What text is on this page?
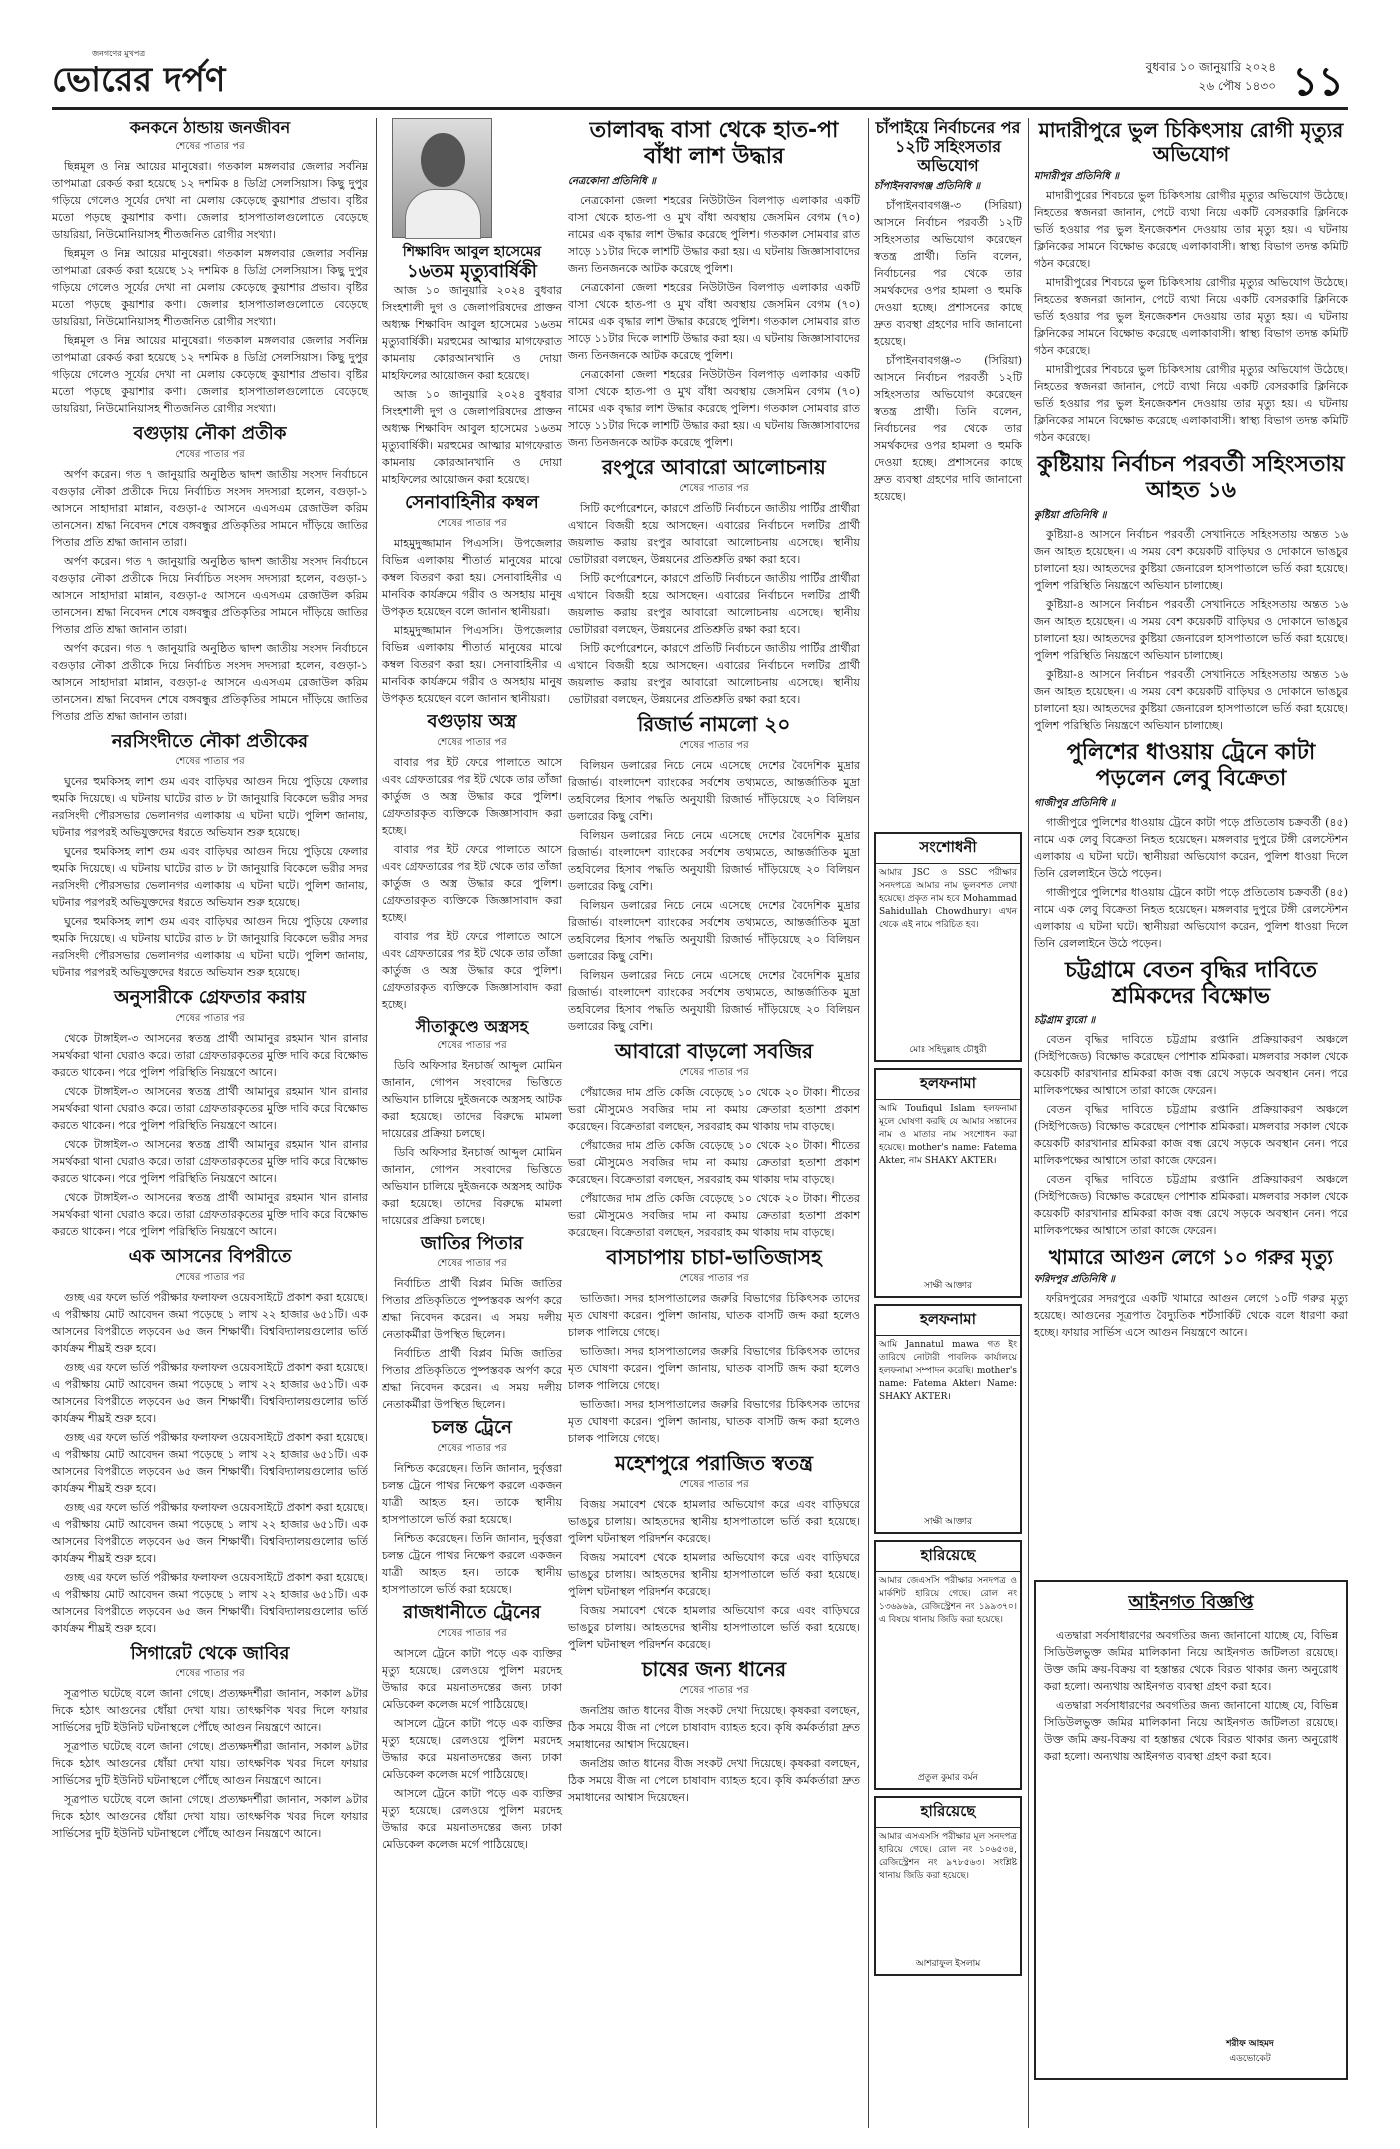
জনগণের মুখপত্র
ভোরের দর্পণ	বুধবার ১০ জানুয়ারি ২০২৪
২৬ পৌষ ১৪৩০ ১১
কনকনে ঠান্ডায় জনজীবন
শেষের পাতার পর

ছিন্নমূল ও নিম্ন আয়ের মানুষেরা। গতকাল মঙ্গলবার জেলার সর্বনিম্ন তাপমাত্রা রেকর্ড করা হয়েছে ১২ দশমিক ৪ ডিগ্রি সেলসিয়াস। কিছু দুপুর গড়িয়ে গেলেও সূর্যের দেখা না মেলায় কেড়েছে কুয়াশার প্রভাব। বৃষ্টির মতো পড়ছে কুয়াশার কণা। জেলার হাসপাতালগুলোতে বেড়েছে ডায়রিয়া, নিউমোনিয়াসহ শীতজনিত রোগীর সংখ্যা।

ছিন্নমূল ও নিম্ন আয়ের মানুষেরা। গতকাল মঙ্গলবার জেলার সর্বনিম্ন তাপমাত্রা রেকর্ড করা হয়েছে ১২ দশমিক ৪ ডিগ্রি সেলসিয়াস। কিছু দুপুর গড়িয়ে গেলেও সূর্যের দেখা না মেলায় কেড়েছে কুয়াশার প্রভাব। বৃষ্টির মতো পড়ছে কুয়াশার কণা। জেলার হাসপাতালগুলোতে বেড়েছে ডায়রিয়া, নিউমোনিয়াসহ শীতজনিত রোগীর সংখ্যা।

ছিন্নমূল ও নিম্ন আয়ের মানুষেরা। গতকাল মঙ্গলবার জেলার সর্বনিম্ন তাপমাত্রা রেকর্ড করা হয়েছে ১২ দশমিক ৪ ডিগ্রি সেলসিয়াস। কিছু দুপুর গড়িয়ে গেলেও সূর্যের দেখা না মেলায় কেড়েছে কুয়াশার প্রভাব। বৃষ্টির মতো পড়ছে কুয়াশার কণা। জেলার হাসপাতালগুলোতে বেড়েছে ডায়রিয়া, নিউমোনিয়াসহ শীতজনিত রোগীর সংখ্যা।

বগুড়ায় নৌকা প্রতীক
শেষের পাতার পর

অর্পণ করেন। গত ৭ জানুয়ারি অনুষ্ঠিত দ্বাদশ জাতীয় সংসদ নির্বাচনে বগুড়ার নৌকা প্রতীকে দিয়ে নির্বাচিত সংসদ সদস্যরা হলেন, বগুড়া-১ আসনে সাহাদারা মান্নান, বগুড়া-৫ আসনে এএসএম রেজাউল করিম তানসেন। শ্রদ্ধা নিবেদন শেষে বঙ্গবন্ধুর প্রতিকৃতির সামনে দাঁড়িয়ে জাতির পিতার প্রতি শ্রদ্ধা জানান তারা।

অর্পণ করেন। গত ৭ জানুয়ারি অনুষ্ঠিত দ্বাদশ জাতীয় সংসদ নির্বাচনে বগুড়ার নৌকা প্রতীকে দিয়ে নির্বাচিত সংসদ সদস্যরা হলেন, বগুড়া-১ আসনে সাহাদারা মান্নান, বগুড়া-৫ আসনে এএসএম রেজাউল করিম তানসেন। শ্রদ্ধা নিবেদন শেষে বঙ্গবন্ধুর প্রতিকৃতির সামনে দাঁড়িয়ে জাতির পিতার প্রতি শ্রদ্ধা জানান তারা।

অর্পণ করেন। গত ৭ জানুয়ারি অনুষ্ঠিত দ্বাদশ জাতীয় সংসদ নির্বাচনে বগুড়ার নৌকা প্রতীকে দিয়ে নির্বাচিত সংসদ সদস্যরা হলেন, বগুড়া-১ আসনে সাহাদারা মান্নান, বগুড়া-৫ আসনে এএসএম রেজাউল করিম তানসেন। শ্রদ্ধা নিবেদন শেষে বঙ্গবন্ধুর প্রতিকৃতির সামনে দাঁড়িয়ে জাতির পিতার প্রতি শ্রদ্ধা জানান তারা।

নরসিংদীতে নৌকা প্রতীকের
শেষের পাতার পর

ঘুনের হুমকিসহ লাশ গুম এবং বাড়িঘর আগুন দিয়ে পুড়িয়ে ফেলার হুমকি দিয়েছে। এ ঘটনায় ঘাটের রাত ৮ টা জানুয়ারি বিকেলে ভরীর সদর নরসিংদী পৌরসভার ভেলানগর এলাকায় এ ঘটনা ঘটে। পুলিশ জানায়, ঘটনার পরপরই অভিযুক্তদের ধরতে অভিযান শুরু হয়েছে।

ঘুনের হুমকিসহ লাশ গুম এবং বাড়িঘর আগুন দিয়ে পুড়িয়ে ফেলার হুমকি দিয়েছে। এ ঘটনায় ঘাটের রাত ৮ টা জানুয়ারি বিকেলে ভরীর সদর নরসিংদী পৌরসভার ভেলানগর এলাকায় এ ঘটনা ঘটে। পুলিশ জানায়, ঘটনার পরপরই অভিযুক্তদের ধরতে অভিযান শুরু হয়েছে।

ঘুনের হুমকিসহ লাশ গুম এবং বাড়িঘর আগুন দিয়ে পুড়িয়ে ফেলার হুমকি দিয়েছে। এ ঘটনায় ঘাটের রাত ৮ টা জানুয়ারি বিকেলে ভরীর সদর নরসিংদী পৌরসভার ভেলানগর এলাকায় এ ঘটনা ঘটে। পুলিশ জানায়, ঘটনার পরপরই অভিযুক্তদের ধরতে অভিযান শুরু হয়েছে।

অনুসারীকে গ্রেফতার করায়
শেষের পাতার পর

থেকে টাঙ্গাইল-৩ আসনের স্বতন্ত্র প্রার্থী আমানুর রহমান খান রানার সমর্থকরা থানা ঘেরাও করে। তারা গ্রেফতারকৃতের মুক্তি দাবি করে বিক্ষোভ করতে থাকেন। পরে পুলিশ পরিস্থিতি নিয়ন্ত্রণে আনে।

থেকে টাঙ্গাইল-৩ আসনের স্বতন্ত্র প্রার্থী আমানুর রহমান খান রানার সমর্থকরা থানা ঘেরাও করে। তারা গ্রেফতারকৃতের মুক্তি দাবি করে বিক্ষোভ করতে থাকেন। পরে পুলিশ পরিস্থিতি নিয়ন্ত্রণে আনে।

থেকে টাঙ্গাইল-৩ আসনের স্বতন্ত্র প্রার্থী আমানুর রহমান খান রানার সমর্থকরা থানা ঘেরাও করে। তারা গ্রেফতারকৃতের মুক্তি দাবি করে বিক্ষোভ করতে থাকেন। পরে পুলিশ পরিস্থিতি নিয়ন্ত্রণে আনে।

থেকে টাঙ্গাইল-৩ আসনের স্বতন্ত্র প্রার্থী আমানুর রহমান খান রানার সমর্থকরা থানা ঘেরাও করে। তারা গ্রেফতারকৃতের মুক্তি দাবি করে বিক্ষোভ করতে থাকেন। পরে পুলিশ পরিস্থিতি নিয়ন্ত্রণে আনে।

এক আসনের বিপরীতে
শেষের পাতার পর

গুচ্ছ এর ফলে ভর্তি পরীক্ষার ফলাফল ওয়েবসাইটে প্রকাশ করা হয়েছে। এ পরীক্ষায় মোট আবেদন জমা পড়েছে ১ লাখ ২২ হাজার ৬৫১টি। এক আসনের বিপরীতে লড়বেন ৬৫ জন শিক্ষার্থী। বিশ্ববিদ্যালয়গুলোর ভর্তি কার্যক্রম শীঘ্রই শুরু হবে।

গুচ্ছ এর ফলে ভর্তি পরীক্ষার ফলাফল ওয়েবসাইটে প্রকাশ করা হয়েছে। এ পরীক্ষায় মোট আবেদন জমা পড়েছে ১ লাখ ২২ হাজার ৬৫১টি। এক আসনের বিপরীতে লড়বেন ৬৫ জন শিক্ষার্থী। বিশ্ববিদ্যালয়গুলোর ভর্তি কার্যক্রম শীঘ্রই শুরু হবে।

গুচ্ছ এর ফলে ভর্তি পরীক্ষার ফলাফল ওয়েবসাইটে প্রকাশ করা হয়েছে। এ পরীক্ষায় মোট আবেদন জমা পড়েছে ১ লাখ ২২ হাজার ৬৫১টি। এক আসনের বিপরীতে লড়বেন ৬৫ জন শিক্ষার্থী। বিশ্ববিদ্যালয়গুলোর ভর্তি কার্যক্রম শীঘ্রই শুরু হবে।

গুচ্ছ এর ফলে ভর্তি পরীক্ষার ফলাফল ওয়েবসাইটে প্রকাশ করা হয়েছে। এ পরীক্ষায় মোট আবেদন জমা পড়েছে ১ লাখ ২২ হাজার ৬৫১টি। এক আসনের বিপরীতে লড়বেন ৬৫ জন শিক্ষার্থী। বিশ্ববিদ্যালয়গুলোর ভর্তি কার্যক্রম শীঘ্রই শুরু হবে।

গুচ্ছ এর ফলে ভর্তি পরীক্ষার ফলাফল ওয়েবসাইটে প্রকাশ করা হয়েছে। এ পরীক্ষায় মোট আবেদন জমা পড়েছে ১ লাখ ২২ হাজার ৬৫১টি। এক আসনের বিপরীতে লড়বেন ৬৫ জন শিক্ষার্থী। বিশ্ববিদ্যালয়গুলোর ভর্তি কার্যক্রম শীঘ্রই শুরু হবে।

সিগারেট থেকে জাবির
শেষের পাতার পর

সূত্রপাত ঘটেছে বলে জানা গেছে। প্রত্যক্ষদর্শীরা জানান, সকাল ৯টার দিকে হঠাৎ আগুনের ধোঁয়া দেখা যায়। তাৎক্ষণিক খবর দিলে ফায়ার সার্ভিসের দুটি ইউনিট ঘটনাস্থলে পৌঁছে আগুন নিয়ন্ত্রণে আনে।

সূত্রপাত ঘটেছে বলে জানা গেছে। প্রত্যক্ষদর্শীরা জানান, সকাল ৯টার দিকে হঠাৎ আগুনের ধোঁয়া দেখা যায়। তাৎক্ষণিক খবর দিলে ফায়ার সার্ভিসের দুটি ইউনিট ঘটনাস্থলে পৌঁছে আগুন নিয়ন্ত্রণে আনে।

সূত্রপাত ঘটেছে বলে জানা গেছে। প্রত্যক্ষদর্শীরা জানান, সকাল ৯টার দিকে হঠাৎ আগুনের ধোঁয়া দেখা যায়। তাৎক্ষণিক খবর দিলে ফায়ার সার্ভিসের দুটি ইউনিট ঘটনাস্থলে পৌঁছে আগুন নিয়ন্ত্রণে আনে।

শিক্ষাবিদ আবুল হাসেমের
১৬তম মৃত্যুবার্ষিকী

আজ ১০ জানুয়ারি ২০২৪ বুধবার সিংহশালী দুগ ও জেলাপরিষদের প্রাক্তন অধ্যক্ষ শিক্ষাবিদ আবুল হাসেমের ১৬তম মৃত্যুবার্ষিকী। মরহুমের আত্মার মাগফেরাত কামনায় কোরআনখানি ও দোয়া মাহফিলের আয়োজন করা হয়েছে।

আজ ১০ জানুয়ারি ২০২৪ বুধবার সিংহশালী দুগ ও জেলাপরিষদের প্রাক্তন অধ্যক্ষ শিক্ষাবিদ আবুল হাসেমের ১৬তম মৃত্যুবার্ষিকী। মরহুমের আত্মার মাগফেরাত কামনায় কোরআনখানি ও দোয়া মাহফিলের আয়োজন করা হয়েছে।

সেনাবাহিনীর কম্বল
শেষের পাতার পর

মাহমুদুজ্জামান পিএসসি। উপজেলার বিভিন্ন এলাকায় শীতার্ত মানুষের মাঝে কম্বল বিতরণ করা হয়। সেনাবাহিনীর এ মানবিক কার্যক্রমে গরীব ও অসহায় মানুষ উপকৃত হয়েছেন বলে জানান স্থানীয়রা।

মাহমুদুজ্জামান পিএসসি। উপজেলার বিভিন্ন এলাকায় শীতার্ত মানুষের মাঝে কম্বল বিতরণ করা হয়। সেনাবাহিনীর এ মানবিক কার্যক্রমে গরীব ও অসহায় মানুষ উপকৃত হয়েছেন বলে জানান স্থানীয়রা।

বগুড়ায় অস্ত্র
শেষের পাতার পর

বাবার পর ইট ফেরে পালাতে আসে এবং গ্রেফতারের পর ইট থেকে তার তাঁজা কার্তুজ ও অস্ত্র উদ্ধার করে পুলিশ। গ্রেফতারকৃত ব্যক্তিকে জিজ্ঞাসাবাদ করা হচ্ছে।

বাবার পর ইট ফেরে পালাতে আসে এবং গ্রেফতারের পর ইট থেকে তার তাঁজা কার্তুজ ও অস্ত্র উদ্ধার করে পুলিশ। গ্রেফতারকৃত ব্যক্তিকে জিজ্ঞাসাবাদ করা হচ্ছে।

বাবার পর ইট ফেরে পালাতে আসে এবং গ্রেফতারের পর ইট থেকে তার তাঁজা কার্তুজ ও অস্ত্র উদ্ধার করে পুলিশ। গ্রেফতারকৃত ব্যক্তিকে জিজ্ঞাসাবাদ করা হচ্ছে।

সীতাকুণ্ডে অস্ত্রসহ
শেষের পাতার পর

ডিবি অফিসার ইনচার্জ আব্দুল মোমিন জানান, গোপন সংবাদের ভিত্তিতে অভিযান চালিয়ে দুইজনকে অস্ত্রসহ আটক করা হয়েছে। তাদের বিরুদ্ধে মামলা দায়েরের প্রক্রিয়া চলছে।

ডিবি অফিসার ইনচার্জ আব্দুল মোমিন জানান, গোপন সংবাদের ভিত্তিতে অভিযান চালিয়ে দুইজনকে অস্ত্রসহ আটক করা হয়েছে। তাদের বিরুদ্ধে মামলা দায়েরের প্রক্রিয়া চলছে।

জাতির পিতার
শেষের পাতার পর

নির্বাচিত প্রার্থী বিপ্লব মিজি জাতির পিতার প্রতিকৃতিতে পুষ্পস্তবক অর্পণ করে শ্রদ্ধা নিবেদন করেন। এ সময় দলীয় নেতাকর্মীরা উপস্থিত ছিলেন।

নির্বাচিত প্রার্থী বিপ্লব মিজি জাতির পিতার প্রতিকৃতিতে পুষ্পস্তবক অর্পণ করে শ্রদ্ধা নিবেদন করেন। এ সময় দলীয় নেতাকর্মীরা উপস্থিত ছিলেন।

চলন্ত ট্রেনে
শেষের পাতার পর

নিশ্চিত করেছেন। তিনি জানান, দুর্বৃত্তরা চলন্ত ট্রেনে পাথর নিক্ষেপ করলে একজন যাত্রী আহত হন। তাকে স্থানীয় হাসপাতালে ভর্তি করা হয়েছে।

নিশ্চিত করেছেন। তিনি জানান, দুর্বৃত্তরা চলন্ত ট্রেনে পাথর নিক্ষেপ করলে একজন যাত্রী আহত হন। তাকে স্থানীয় হাসপাতালে ভর্তি করা হয়েছে।

রাজধানীতে ট্রেনের
শেষের পাতার পর

আসলে ট্রেনে কাটা পড়ে এক ব্যক্তির মৃত্যু হয়েছে। রেলওয়ে পুলিশ মরদেহ উদ্ধার করে ময়নাতদন্তের জন্য ঢাকা মেডিকেল কলেজ মর্গে পাঠিয়েছে।

আসলে ট্রেনে কাটা পড়ে এক ব্যক্তির মৃত্যু হয়েছে। রেলওয়ে পুলিশ মরদেহ উদ্ধার করে ময়নাতদন্তের জন্য ঢাকা মেডিকেল কলেজ মর্গে পাঠিয়েছে।

আসলে ট্রেনে কাটা পড়ে এক ব্যক্তির মৃত্যু হয়েছে। রেলওয়ে পুলিশ মরদেহ উদ্ধার করে ময়নাতদন্তের জন্য ঢাকা মেডিকেল কলেজ মর্গে পাঠিয়েছে।

তালাবদ্ধ বাসা থেকে হাত-পা বাঁধা লাশ উদ্ধার
নেত্রকোনা প্রতিনিধি ॥

নেত্রকোনা জেলা শহরের নিউটাউন বিলপাড় এলাকার একটি বাসা থেকে হাত-পা ও মুখ বাঁধা অবস্থায় জেসমিন বেগম (৭০) নামের এক বৃদ্ধার লাশ উদ্ধার করেছে পুলিশ। গতকাল সোমবার রাত সাড়ে ১১টার দিকে লাশটি উদ্ধার করা হয়। এ ঘটনায় জিজ্ঞাসাবাদের জন্য তিনজনকে আটক করেছে পুলিশ।

নেত্রকোনা জেলা শহরের নিউটাউন বিলপাড় এলাকার একটি বাসা থেকে হাত-পা ও মুখ বাঁধা অবস্থায় জেসমিন বেগম (৭০) নামের এক বৃদ্ধার লাশ উদ্ধার করেছে পুলিশ। গতকাল সোমবার রাত সাড়ে ১১টার দিকে লাশটি উদ্ধার করা হয়। এ ঘটনায় জিজ্ঞাসাবাদের জন্য তিনজনকে আটক করেছে পুলিশ।

নেত্রকোনা জেলা শহরের নিউটাউন বিলপাড় এলাকার একটি বাসা থেকে হাত-পা ও মুখ বাঁধা অবস্থায় জেসমিন বেগম (৭০) নামের এক বৃদ্ধার লাশ উদ্ধার করেছে পুলিশ। গতকাল সোমবার রাত সাড়ে ১১টার দিকে লাশটি উদ্ধার করা হয়। এ ঘটনায় জিজ্ঞাসাবাদের জন্য তিনজনকে আটক করেছে পুলিশ।

রংপুরে আবারো আলোচনায়
শেষের পাতার পর

সিটি কর্পোরেশনে, কারণে প্রতিটি নির্বাচনে জাতীয় পার্টির প্রার্থীরা এখানে বিজয়ী হয়ে আসছেন। এবারের নির্বাচনে দলটির প্রার্থী জয়লাভ করায় রংপুর আবারো আলোচনায় এসেছে। স্থানীয় ভোটাররা বলছেন, উন্নয়নের প্রতিশ্রুতি রক্ষা করা হবে।

সিটি কর্পোরেশনে, কারণে প্রতিটি নির্বাচনে জাতীয় পার্টির প্রার্থীরা এখানে বিজয়ী হয়ে আসছেন। এবারের নির্বাচনে দলটির প্রার্থী জয়লাভ করায় রংপুর আবারো আলোচনায় এসেছে। স্থানীয় ভোটাররা বলছেন, উন্নয়নের প্রতিশ্রুতি রক্ষা করা হবে।

সিটি কর্পোরেশনে, কারণে প্রতিটি নির্বাচনে জাতীয় পার্টির প্রার্থীরা এখানে বিজয়ী হয়ে আসছেন। এবারের নির্বাচনে দলটির প্রার্থী জয়লাভ করায় রংপুর আবারো আলোচনায় এসেছে। স্থানীয় ভোটাররা বলছেন, উন্নয়নের প্রতিশ্রুতি রক্ষা করা হবে।

রিজার্ভ নামলো ২০
শেষের পাতার পর

বিলিয়ন ডলারের নিচে নেমে এসেছে দেশের বৈদেশিক মুদ্রার রিজার্ভ। বাংলাদেশ ব্যাংকের সর্বশেষ তথ্যমতে, আন্তর্জাতিক মুদ্রা তহবিলের হিসাব পদ্ধতি অনুযায়ী রিজার্ভ দাঁড়িয়েছে ২০ বিলিয়ন ডলারের কিছু বেশি।

বিলিয়ন ডলারের নিচে নেমে এসেছে দেশের বৈদেশিক মুদ্রার রিজার্ভ। বাংলাদেশ ব্যাংকের সর্বশেষ তথ্যমতে, আন্তর্জাতিক মুদ্রা তহবিলের হিসাব পদ্ধতি অনুযায়ী রিজার্ভ দাঁড়িয়েছে ২০ বিলিয়ন ডলারের কিছু বেশি।

বিলিয়ন ডলারের নিচে নেমে এসেছে দেশের বৈদেশিক মুদ্রার রিজার্ভ। বাংলাদেশ ব্যাংকের সর্বশেষ তথ্যমতে, আন্তর্জাতিক মুদ্রা তহবিলের হিসাব পদ্ধতি অনুযায়ী রিজার্ভ দাঁড়িয়েছে ২০ বিলিয়ন ডলারের কিছু বেশি।

বিলিয়ন ডলারের নিচে নেমে এসেছে দেশের বৈদেশিক মুদ্রার রিজার্ভ। বাংলাদেশ ব্যাংকের সর্বশেষ তথ্যমতে, আন্তর্জাতিক মুদ্রা তহবিলের হিসাব পদ্ধতি অনুযায়ী রিজার্ভ দাঁড়িয়েছে ২০ বিলিয়ন ডলারের কিছু বেশি।

আবারো বাড়লো সবজির
শেষের পাতার পর

পেঁয়াজের দাম প্রতি কেজি বেড়েছে ১০ থেকে ২০ টাকা। শীতের ভরা মৌসুমেও সবজির দাম না কমায় ক্রেতারা হতাশা প্রকাশ করেছেন। বিক্রেতারা বলছেন, সরবরাহ কম থাকায় দাম বাড়ছে।

পেঁয়াজের দাম প্রতি কেজি বেড়েছে ১০ থেকে ২০ টাকা। শীতের ভরা মৌসুমেও সবজির দাম না কমায় ক্রেতারা হতাশা প্রকাশ করেছেন। বিক্রেতারা বলছেন, সরবরাহ কম থাকায় দাম বাড়ছে।

পেঁয়াজের দাম প্রতি কেজি বেড়েছে ১০ থেকে ২০ টাকা। শীতের ভরা মৌসুমেও সবজির দাম না কমায় ক্রেতারা হতাশা প্রকাশ করেছেন। বিক্রেতারা বলছেন, সরবরাহ কম থাকায় দাম বাড়ছে।

বাসচাপায় চাচা-ভাতিজাসহ
শেষের পাতার পর

ভাতিজা। সদর হাসপাতালের জরুরি বিভাগের চিকিৎসক তাদের মৃত ঘোষণা করেন। পুলিশ জানায়, ঘাতক বাসটি জব্দ করা হলেও চালক পালিয়ে গেছে।

ভাতিজা। সদর হাসপাতালের জরুরি বিভাগের চিকিৎসক তাদের মৃত ঘোষণা করেন। পুলিশ জানায়, ঘাতক বাসটি জব্দ করা হলেও চালক পালিয়ে গেছে।

ভাতিজা। সদর হাসপাতালের জরুরি বিভাগের চিকিৎসক তাদের মৃত ঘোষণা করেন। পুলিশ জানায়, ঘাতক বাসটি জব্দ করা হলেও চালক পালিয়ে গেছে।

মহেশপুরে পরাজিত স্বতন্ত্র
শেষের পাতার পর

বিজয় সমাবেশ থেকে হামলার অভিযোগ করে এবং বাড়িঘরে ভাঙচুর চালায়। আহতদের স্থানীয় হাসপাতালে ভর্তি করা হয়েছে। পুলিশ ঘটনাস্থল পরিদর্শন করেছে।

বিজয় সমাবেশ থেকে হামলার অভিযোগ করে এবং বাড়িঘরে ভাঙচুর চালায়। আহতদের স্থানীয় হাসপাতালে ভর্তি করা হয়েছে। পুলিশ ঘটনাস্থল পরিদর্শন করেছে।

বিজয় সমাবেশ থেকে হামলার অভিযোগ করে এবং বাড়িঘরে ভাঙচুর চালায়। আহতদের স্থানীয় হাসপাতালে ভর্তি করা হয়েছে। পুলিশ ঘটনাস্থল পরিদর্শন করেছে।

চাষের জন্য ধানের
শেষের পাতার পর

জনপ্রিয় জাত ধানের বীজ সংকট দেখা দিয়েছে। কৃষকরা বলছেন, ঠিক সময়ে বীজ না পেলে চাষাবাদ ব্যাহত হবে। কৃষি কর্মকর্তারা দ্রুত সমাধানের আশ্বাস দিয়েছেন।

জনপ্রিয় জাত ধানের বীজ সংকট দেখা দিয়েছে। কৃষকরা বলছেন, ঠিক সময়ে বীজ না পেলে চাষাবাদ ব্যাহত হবে। কৃষি কর্মকর্তারা দ্রুত সমাধানের আশ্বাস দিয়েছেন।

চাঁপাইয়ে নির্বাচনের পর ১২টি সহিংসতার অভিযোগ
চাঁপাইনবাবগঞ্জ প্রতিনিধি ॥

চাঁপাইনবাবগঞ্জ-৩ (সিরিয়া) আসনে নির্বাচন পরবর্তী ১২টি সহিংসতার অভিযোগ করেছেন স্বতন্ত্র প্রার্থী। তিনি বলেন, নির্বাচনের পর থেকে তার সমর্থকদের ওপর হামলা ও হুমকি দেওয়া হচ্ছে। প্রশাসনের কাছে দ্রুত ব্যবস্থা গ্রহণের দাবি জানানো হয়েছে।

চাঁপাইনবাবগঞ্জ-৩ (সিরিয়া) আসনে নির্বাচন পরবর্তী ১২টি সহিংসতার অভিযোগ করেছেন স্বতন্ত্র প্রার্থী। তিনি বলেন, নির্বাচনের পর থেকে তার সমর্থকদের ওপর হামলা ও হুমকি দেওয়া হচ্ছে। প্রশাসনের কাছে দ্রুত ব্যবস্থা গ্রহণের দাবি জানানো হয়েছে।

সংশোধনী
আমার JSC ও SSC পরীক্ষার সনদপত্রে আমার নাম ভুলবশত লেখা হয়েছে। প্রকৃত নাম হবে Mohammad Sahidullah Chowdhury। এখন থেকে এই নামে পরিচিত হব।
মোঃ সহিদুল্লাহ চৌধুরী
হলফনামা
আমি Toufiqul Islam হলফনামা মূলে ঘোষণা করছি যে আমার সন্তানের নাম ও মাতার নাম সংশোধন করা হয়েছে। mother's name: Fatema Akter, নাম SHAKY AKTER।
সাক্ষী আক্তার
হলফনামা
আমি Jannatul mawa গত ইং তারিখে নোটারী পাবলিক কার্যালয়ে হলফনামা সম্পাদন করেছি। mother's name: Fatema Akter। Name: SHAKY AKTER।
সাক্ষী আক্তার
হারিয়েছে
আমার জেএসসি পরীক্ষার সনদপত্র ও মার্কশিট হারিয়ে গেছে। রোল নং ১৩৬৯৬৯, রেজিস্ট্রেশন নং ১৯৯৩৭০। এ বিষয়ে থানায় জিডি করা হয়েছে।
প্রতুল কুমার বর্মন
হারিয়েছে
আমার এসএসসি পরীক্ষার মূল সনদপত্র হারিয়ে গেছে। রোল নং ১০৬৫৩৪, রেজিস্ট্রেশন নং ৯৭৮৫৬৩। সংশ্লিষ্ট থানায় জিডি করা হয়েছে।
আশরাফুল ইসলাম
মাদারীপুরে ভুল চিকিৎসায় রোগী মৃত্যুর অভিযোগ
মাদারীপুর প্রতিনিধি ॥

মাদারীপুরের শিবচরে ভুল চিকিৎসায় রোগীর মৃত্যুর অভিযোগ উঠেছে। নিহতের স্বজনরা জানান, পেটে ব্যথা নিয়ে একটি বেসরকারি ক্লিনিকে ভর্তি হওয়ার পর ভুল ইনজেকশন দেওয়ায় তার মৃত্যু হয়। এ ঘটনায় ক্লিনিকের সামনে বিক্ষোভ করেছে এলাকাবাসী। স্বাস্থ্য বিভাগ তদন্ত কমিটি গঠন করেছে।

মাদারীপুরের শিবচরে ভুল চিকিৎসায় রোগীর মৃত্যুর অভিযোগ উঠেছে। নিহতের স্বজনরা জানান, পেটে ব্যথা নিয়ে একটি বেসরকারি ক্লিনিকে ভর্তি হওয়ার পর ভুল ইনজেকশন দেওয়ায় তার মৃত্যু হয়। এ ঘটনায় ক্লিনিকের সামনে বিক্ষোভ করেছে এলাকাবাসী। স্বাস্থ্য বিভাগ তদন্ত কমিটি গঠন করেছে।

মাদারীপুরের শিবচরে ভুল চিকিৎসায় রোগীর মৃত্যুর অভিযোগ উঠেছে। নিহতের স্বজনরা জানান, পেটে ব্যথা নিয়ে একটি বেসরকারি ক্লিনিকে ভর্তি হওয়ার পর ভুল ইনজেকশন দেওয়ায় তার মৃত্যু হয়। এ ঘটনায় ক্লিনিকের সামনে বিক্ষোভ করেছে এলাকাবাসী। স্বাস্থ্য বিভাগ তদন্ত কমিটি গঠন করেছে।

কুষ্টিয়ায় নির্বাচন পরবর্তী সহিংসতায় আহত ১৬
কুষ্টিয়া প্রতিনিধি ॥

কুষ্টিয়া-৪ আসনে নির্বাচন পরবর্তী সেখানিতে সহিংসতায় অন্তত ১৬ জন আহত হয়েছেন। এ সময় বেশ কয়েকটি বাড়িঘর ও দোকানে ভাঙচুর চালানো হয়। আহতদের কুষ্টিয়া জেনারেল হাসপাতালে ভর্তি করা হয়েছে। পুলিশ পরিস্থিতি নিয়ন্ত্রণে অভিযান চালাচ্ছে।

কুষ্টিয়া-৪ আসনে নির্বাচন পরবর্তী সেখানিতে সহিংসতায় অন্তত ১৬ জন আহত হয়েছেন। এ সময় বেশ কয়েকটি বাড়িঘর ও দোকানে ভাঙচুর চালানো হয়। আহতদের কুষ্টিয়া জেনারেল হাসপাতালে ভর্তি করা হয়েছে। পুলিশ পরিস্থিতি নিয়ন্ত্রণে অভিযান চালাচ্ছে।

কুষ্টিয়া-৪ আসনে নির্বাচন পরবর্তী সেখানিতে সহিংসতায় অন্তত ১৬ জন আহত হয়েছেন। এ সময় বেশ কয়েকটি বাড়িঘর ও দোকানে ভাঙচুর চালানো হয়। আহতদের কুষ্টিয়া জেনারেল হাসপাতালে ভর্তি করা হয়েছে। পুলিশ পরিস্থিতি নিয়ন্ত্রণে অভিযান চালাচ্ছে।

পুলিশের ধাওয়ায় ট্রেনে কাটা পড়লেন লেবু বিক্রেতা
গাজীপুর প্রতিনিধি ॥

গাজীপুরে পুলিশের ধাওয়ায় ট্রেনে কাটা পড়ে প্রতিতোষ চক্রবর্তী (৪৫) নামে এক লেবু বিক্রেতা নিহত হয়েছেন। মঙ্গলবার দুপুরে টঙ্গী রেলস্টেশন এলাকায় এ ঘটনা ঘটে। স্থানীয়রা অভিযোগ করেন, পুলিশ ধাওয়া দিলে তিনি রেললাইনে উঠে পড়েন।

গাজীপুরে পুলিশের ধাওয়ায় ট্রেনে কাটা পড়ে প্রতিতোষ চক্রবর্তী (৪৫) নামে এক লেবু বিক্রেতা নিহত হয়েছেন। মঙ্গলবার দুপুরে টঙ্গী রেলস্টেশন এলাকায় এ ঘটনা ঘটে। স্থানীয়রা অভিযোগ করেন, পুলিশ ধাওয়া দিলে তিনি রেললাইনে উঠে পড়েন।

চট্টগ্রামে বেতন বৃদ্ধির দাবিতে শ্রমিকদের বিক্ষোভ
চট্টগ্রাম ব্যুরো ॥

বেতন বৃদ্ধির দাবিতে চট্টগ্রাম রপ্তানি প্রক্রিয়াকরণ অঞ্চলে (সিইপিজেড) বিক্ষোভ করেছেন পোশাক শ্রমিকরা। মঙ্গলবার সকাল থেকে কয়েকটি কারখানার শ্রমিকরা কাজ বন্ধ রেখে সড়কে অবস্থান নেন। পরে মালিকপক্ষের আশ্বাসে তারা কাজে ফেরেন।

বেতন বৃদ্ধির দাবিতে চট্টগ্রাম রপ্তানি প্রক্রিয়াকরণ অঞ্চলে (সিইপিজেড) বিক্ষোভ করেছেন পোশাক শ্রমিকরা। মঙ্গলবার সকাল থেকে কয়েকটি কারখানার শ্রমিকরা কাজ বন্ধ রেখে সড়কে অবস্থান নেন। পরে মালিকপক্ষের আশ্বাসে তারা কাজে ফেরেন।

বেতন বৃদ্ধির দাবিতে চট্টগ্রাম রপ্তানি প্রক্রিয়াকরণ অঞ্চলে (সিইপিজেড) বিক্ষোভ করেছেন পোশাক শ্রমিকরা। মঙ্গলবার সকাল থেকে কয়েকটি কারখানার শ্রমিকরা কাজ বন্ধ রেখে সড়কে অবস্থান নেন। পরে মালিকপক্ষের আশ্বাসে তারা কাজে ফেরেন।

খামারে আগুন লেগে ১০ গরুর মৃত্যু
ফরিদপুর প্রতিনিধি ॥

ফরিদপুরের সদরপুরে একটি খামারে আগুন লেগে ১০টি গরুর মৃত্যু হয়েছে। আগুনের সূত্রপাত বৈদ্যুতিক শর্টসার্কিট থেকে বলে ধারণা করা হচ্ছে। ফায়ার সার্ভিস এসে আগুন নিয়ন্ত্রণে আনে।

আইনগত বিজ্ঞপ্তি

এতদ্বারা সর্বসাধারণের অবগতির জন্য জানানো যাচ্ছে যে, বিভিন্ন সিডিউলভুক্ত জমির মালিকানা নিয়ে আইনগত জটিলতা রয়েছে। উক্ত জমি ক্রয়-বিক্রয় বা হস্তান্তর থেকে বিরত থাকার জন্য অনুরোধ করা হলো। অন্যথায় আইনগত ব্যবস্থা গ্রহণ করা হবে।

এতদ্বারা সর্বসাধারণের অবগতির জন্য জানানো যাচ্ছে যে, বিভিন্ন সিডিউলভুক্ত জমির মালিকানা নিয়ে আইনগত জটিলতা রয়েছে। উক্ত জমি ক্রয়-বিক্রয় বা হস্তান্তর থেকে বিরত থাকার জন্য অনুরোধ করা হলো। অন্যথায় আইনগত ব্যবস্থা গ্রহণ করা হবে।

শরীফ আহমদ
এডভোকেট
